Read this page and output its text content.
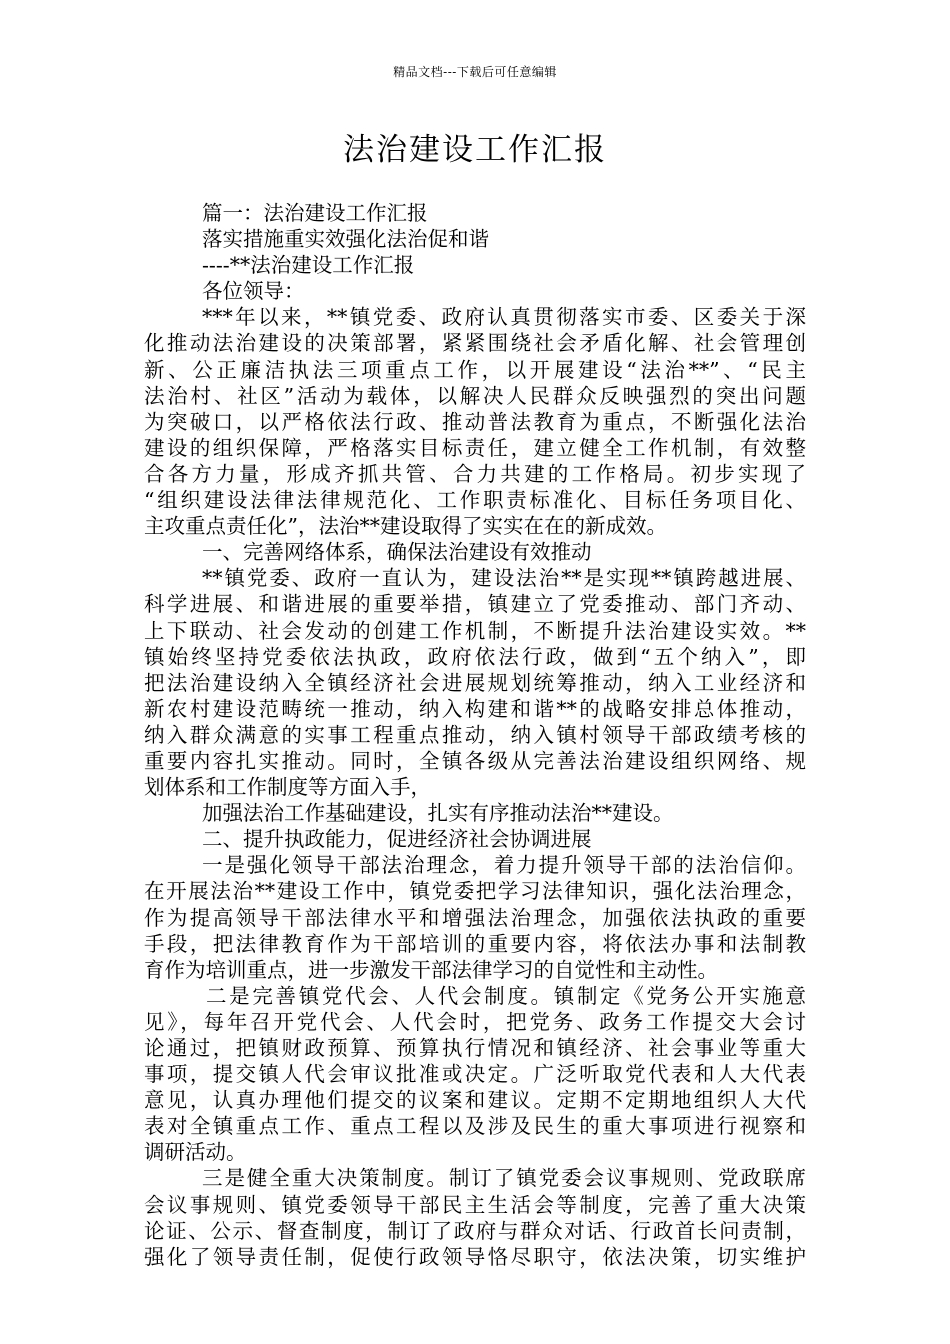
精品文档---下载后可任意编辑
法治建设工作汇报
篇一：法治建设工作汇报
落实措施重实效强化法治促和谐
----**法治建设工作汇报
各位领导：
***年以来，**镇党委、政府认真贯彻落实市委、区委关于深
化推动法治建设的决策部署，紧紧围绕社会矛盾化解、社会管理创
新、公正廉洁执法三项重点工作，以开展建设“法治**”、“民主
法治村、社区”活动为载体，以解决人民群众反映强烈的突出问题
为突破口，以严格依法行政、推动普法教育为重点，不断强化法治
建设的组织保障，严格落实目标责任，建立健全工作机制，有效整
合各方力量，形成齐抓共管、合力共建的工作格局。初步实现了
“组织建设法律法律规范化、工作职责标准化、目标任务项目化、
主攻重点责任化”，法治**建设取得了实实在在的新成效。
一、完善网络体系，确保法治建设有效推动
**镇党委、政府一直认为，建设法治**是实现**镇跨越进展、
科学进展、和谐进展的重要举措，镇建立了党委推动、部门齐动、
上下联动、社会发动的创建工作机制，不断提升法治建设实效。**
镇始终坚持党委依法执政，政府依法行政，做到“五个纳入”，即
把法治建设纳入全镇经济社会进展规划统筹推动，纳入工业经济和
新农村建设范畴统一推动，纳入构建和谐**的战略安排总体推动，
纳入群众满意的实事工程重点推动，纳入镇村领导干部政绩考核的
重要内容扎实推动。同时，全镇各级从完善法治建设组织网络、规
划体系和工作制度等方面入手，
加强法治工作基础建设，扎实有序推动法治**建设。
二、提升执政能力，促进经济社会协调进展
一是强化领导干部法治理念，着力提升领导干部的法治信仰。
在开展法治**建设工作中，镇党委把学习法律知识，强化法治理念，
作为提高领导干部法律水平和增强法治理念，加强依法执政的重要
手段，把法律教育作为干部培训的重要内容，将依法办事和法制教
育作为培训重点，进一步激发干部法律学习的自觉性和主动性。
二是完善镇党代会、人代会制度。镇制定《党务公开实施意
见》，每年召开党代会、人代会时，把党务、政务工作提交大会讨
论通过，把镇财政预算、预算执行情况和镇经济、社会事业等重大
事项，提交镇人代会审议批准或决定。广泛听取党代表和人大代表
意见，认真办理他们提交的议案和建议。定期不定期地组织人大代
表对全镇重点工作、重点工程以及涉及民生的重大事项进行视察和
调研活动。
三是健全重大决策制度。制订了镇党委会议事规则、党政联席
会议事规则、镇党委领导干部民主生活会等制度，完善了重大决策
论证、公示、督查制度，制订了政府与群众对话、行政首长问责制，
强化了领导责任制，促使行政领导恪尽职守，依法决策，切实维护
